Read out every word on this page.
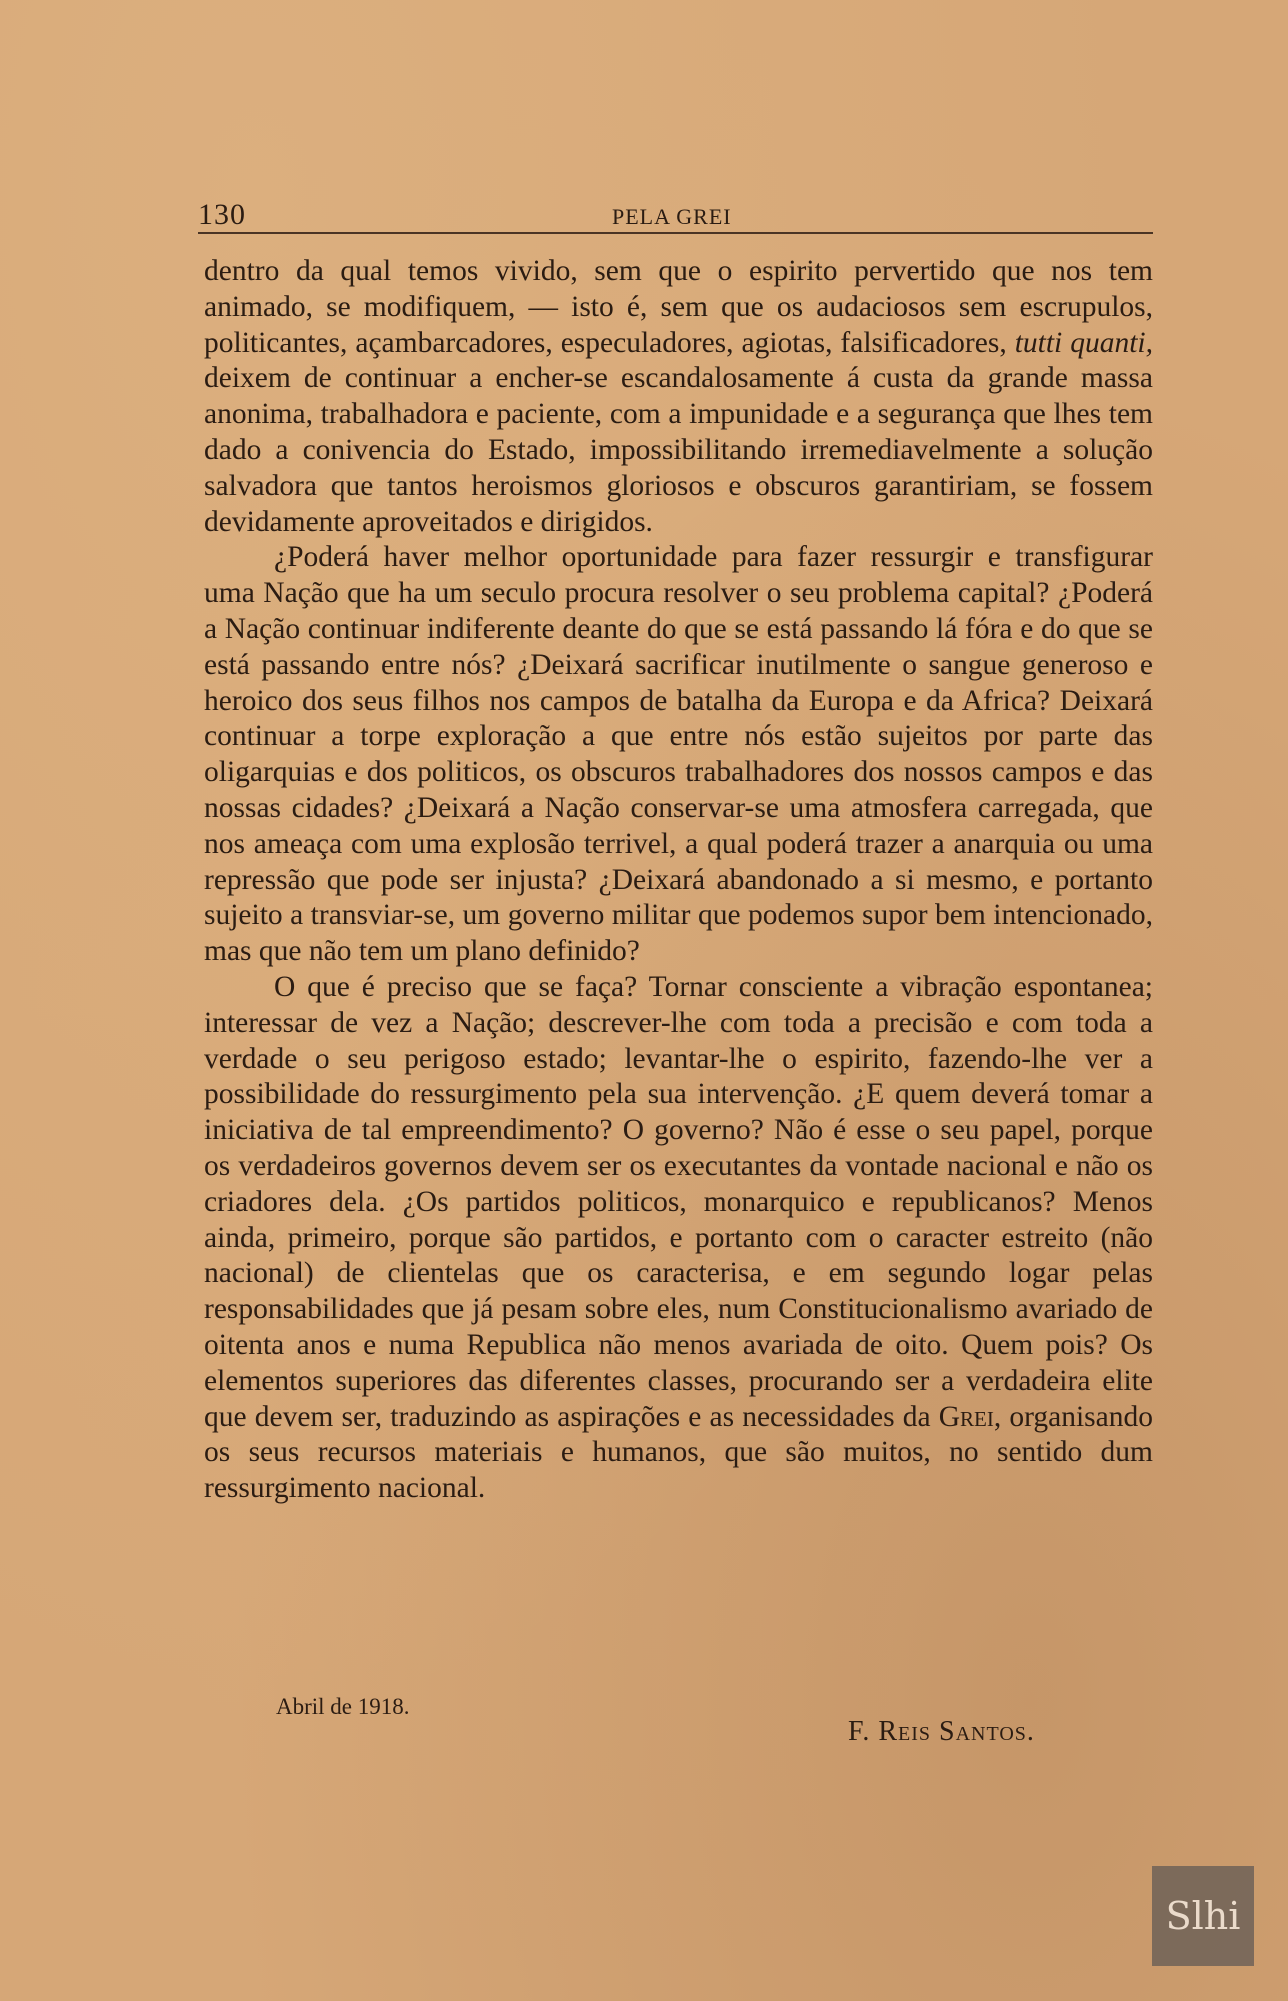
130	PELA GREI

dentro da qual temos vivido, sem que o espirito pervertido que nos tem animado, se modifiquem, — isto é, sem que os audaciosos sem escrupulos, politicantes, açambarcadores, especuladores, agiotas, falsificadores, tutti quanti, deixem de continuar a encher-se escandalosamente á custa da grande massa anonima, trabalhadora e paciente, com a impunidade e a segurança que lhes tem dado a conivencia do Estado, impossibilitando irremediavelmente a solução salvadora que tantos heroismos gloriosos e obscuros garantiriam, se fossem devidamente aproveitados e dirigidos.

¿Poderá haver melhor oportunidade para fazer ressurgir e transfigurar uma Nação que ha um seculo procura resolver o seu problema capital? ¿Poderá a Nação continuar indiferente deante do que se está passando lá fóra e do que se está passando entre nós? ¿Deixará sacrificar inutilmente o sangue generoso e heroico dos seus filhos nos campos de batalha da Europa e da Africa? Deixará continuar a torpe exploração a que entre nós estão sujeitos por parte das oligarquias e dos politicos, os obscuros trabalhadores dos nossos campos e das nossas cidades? ¿Deixará a Nação conservar-se uma atmosfera carregada, que nos ameaça com uma explosão terrivel, a qual poderá trazer a anarquia ou uma repressão que pode ser injusta? ¿Deixará abandonado a si mesmo, e portanto sujeito a transviar-se, um governo militar que podemos supor bem intencionado, mas que não tem um plano definido?

O que é preciso que se faça? Tornar consciente a vibração espontanea; interessar de vez a Nação; descrever-lhe com toda a precisão e com toda a verdade o seu perigoso estado; levantar-lhe o espirito, fazendo-lhe ver a possibilidade do ressurgimento pela sua intervenção. ¿E quem deverá tomar a iniciativa de tal empreendimento? O governo? Não é esse o seu papel, porque os verdadeiros governos devem ser os executantes da vontade nacional e não os criadores dela. ¿Os partidos politicos, monarquico e republicanos? Menos ainda, primeiro, porque são partidos, e portanto com o caracter estreito (não nacional) de clientelas que os caracterisa, e em segundo logar pelas responsabilidades que já pesam sobre eles, num Constitucionalismo avariado de oitenta anos e numa Republica não menos avariada de oito. Quem pois? Os elementos superiores das diferentes classes, procurando ser a verdadeira elite que devem ser, traduzindo as aspirações e as necessidades da Grei, organisando os seus recursos materiais e humanos, que são muitos, no sentido dum ressurgimento nacional.

Abril de 1918.
F. Reis Santos.
Slhi
